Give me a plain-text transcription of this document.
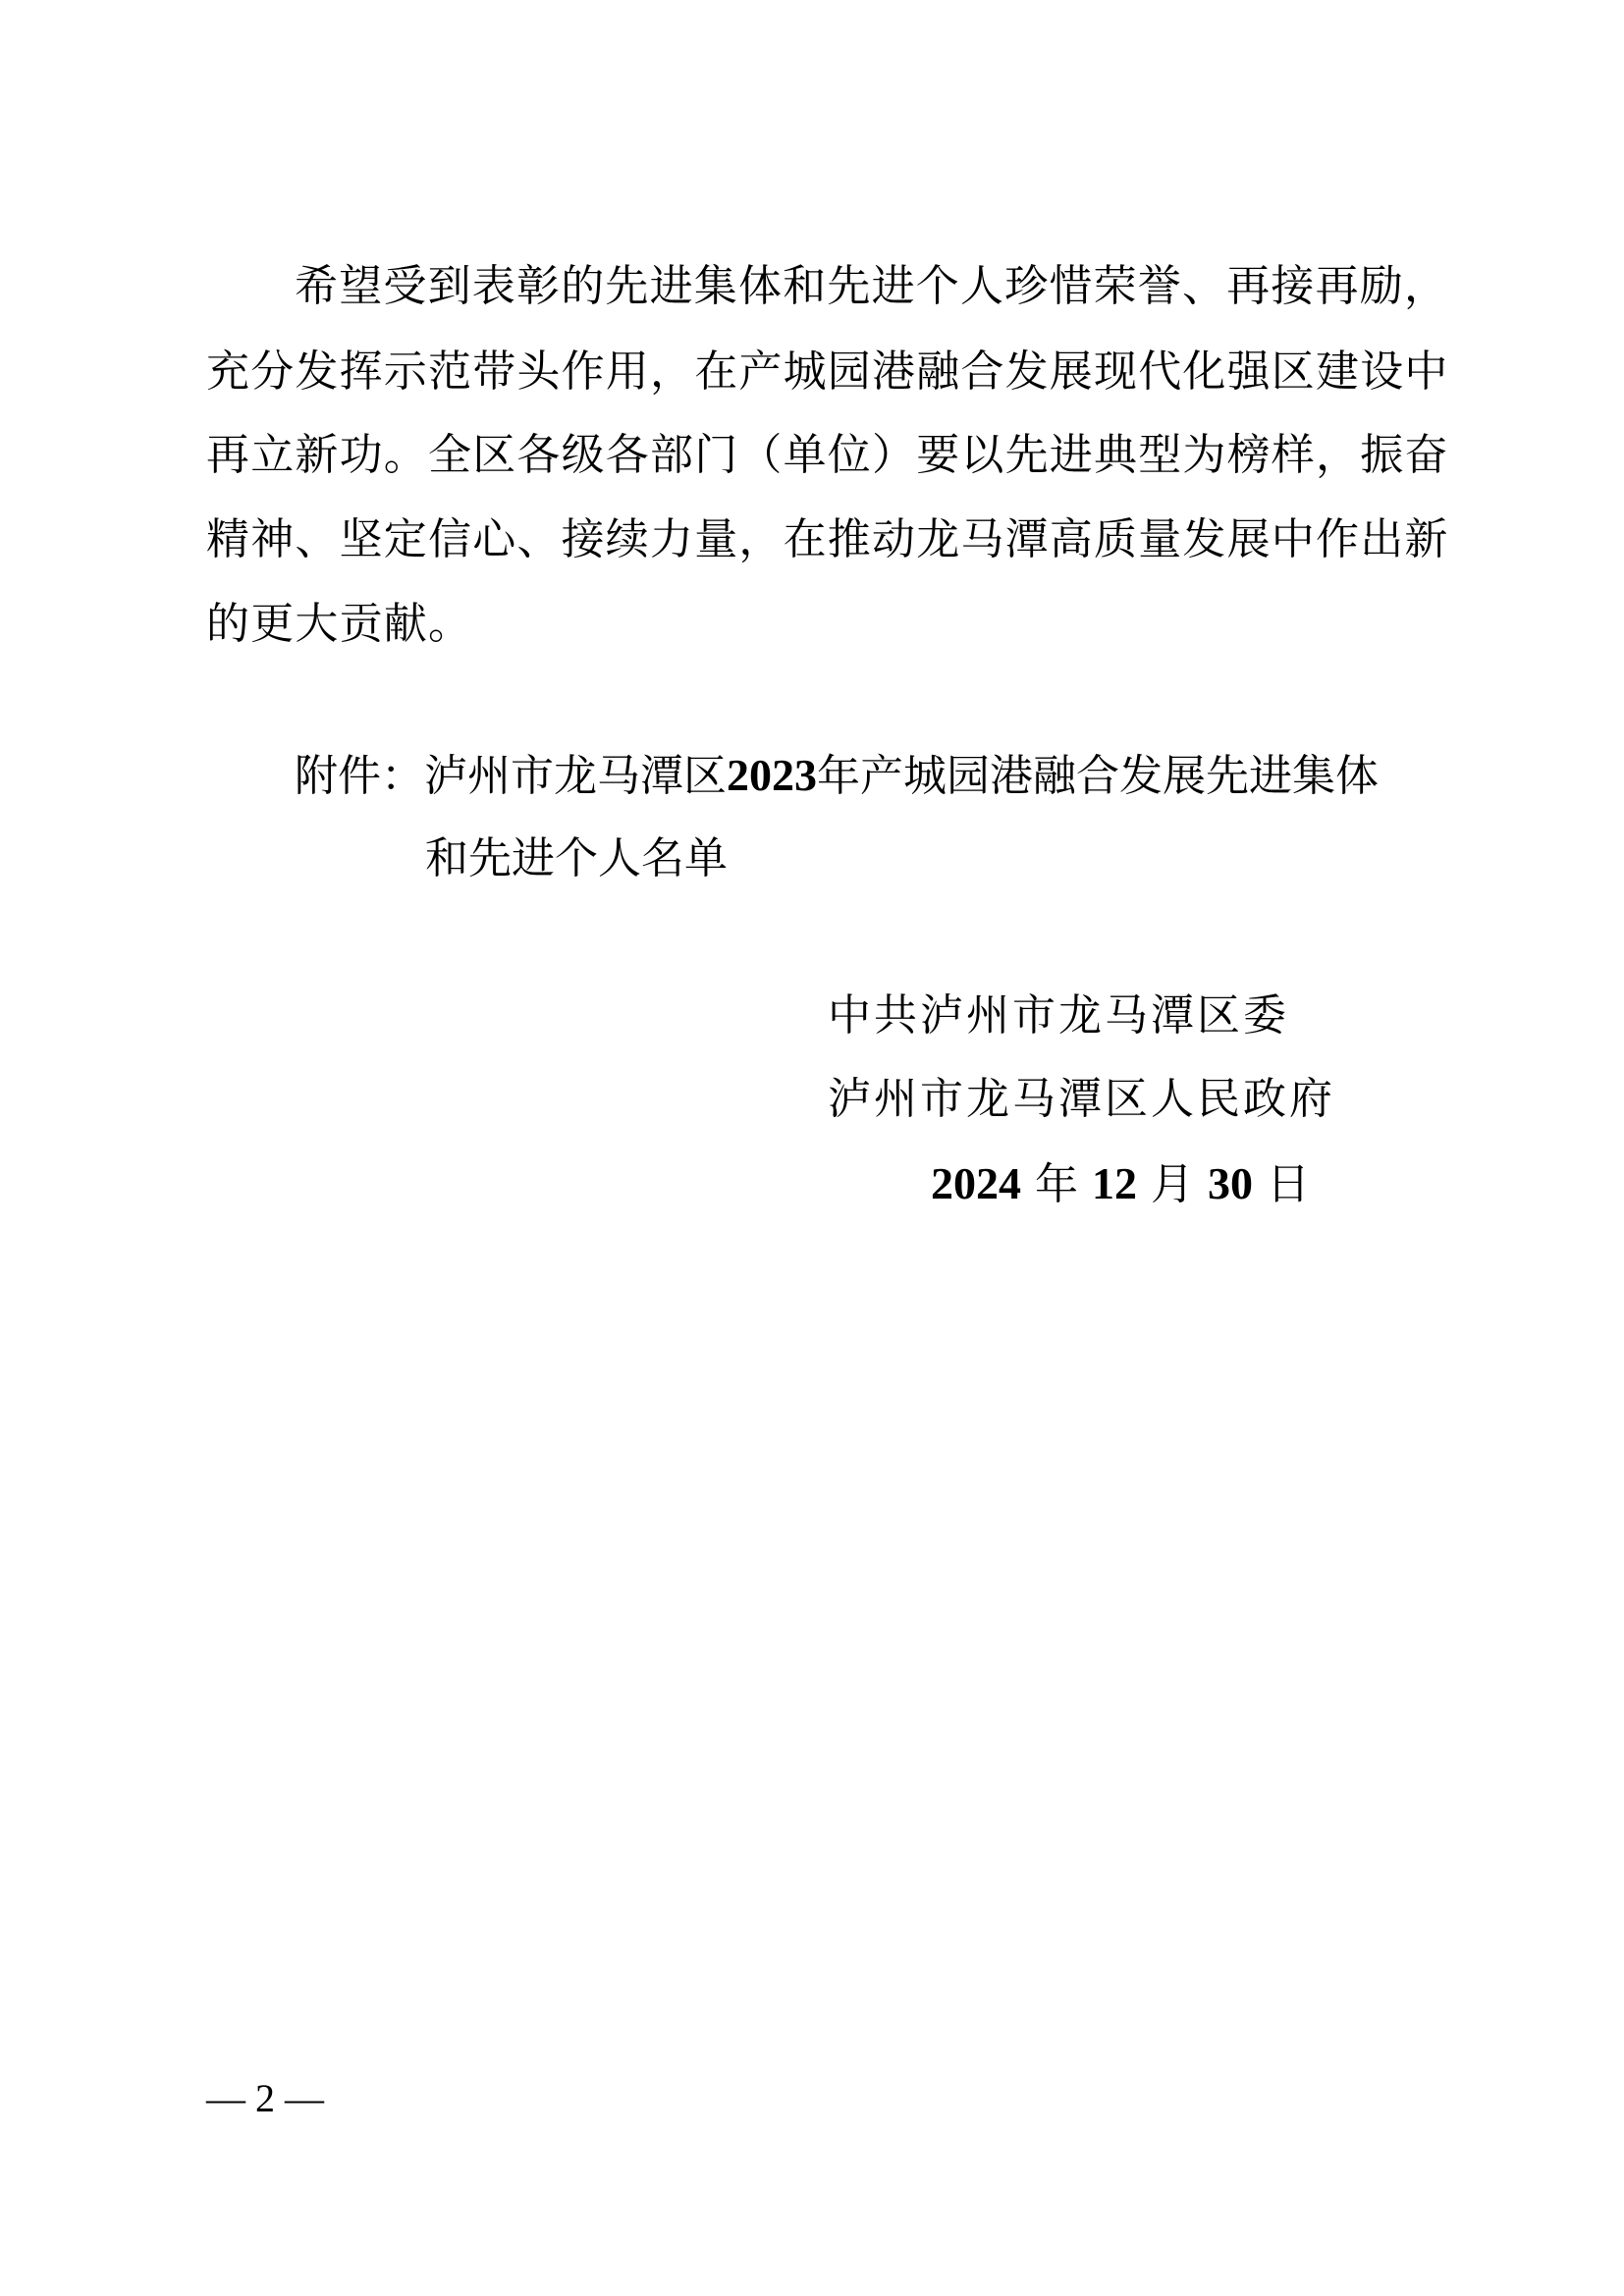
希望受到表彰的先进集体和先进个人珍惜荣誉、再接再励，
充分发挥示范带头作用，在产城园港融合发展现代化强区建设中
再立新功。全区各级各部门（单位）要以先进典型为榜样，振奋
精神、坚定信心、接续力量，在推动龙马潭高质量发展中作出新
的更大贡献。
附件：泸州市龙马潭区2023年产城园港融合发展先进集体
和先进个人名单
中共泸州市龙马潭区委
泸州市龙马潭区人民政府
2024 年 12 月 30 日
— 2 —
